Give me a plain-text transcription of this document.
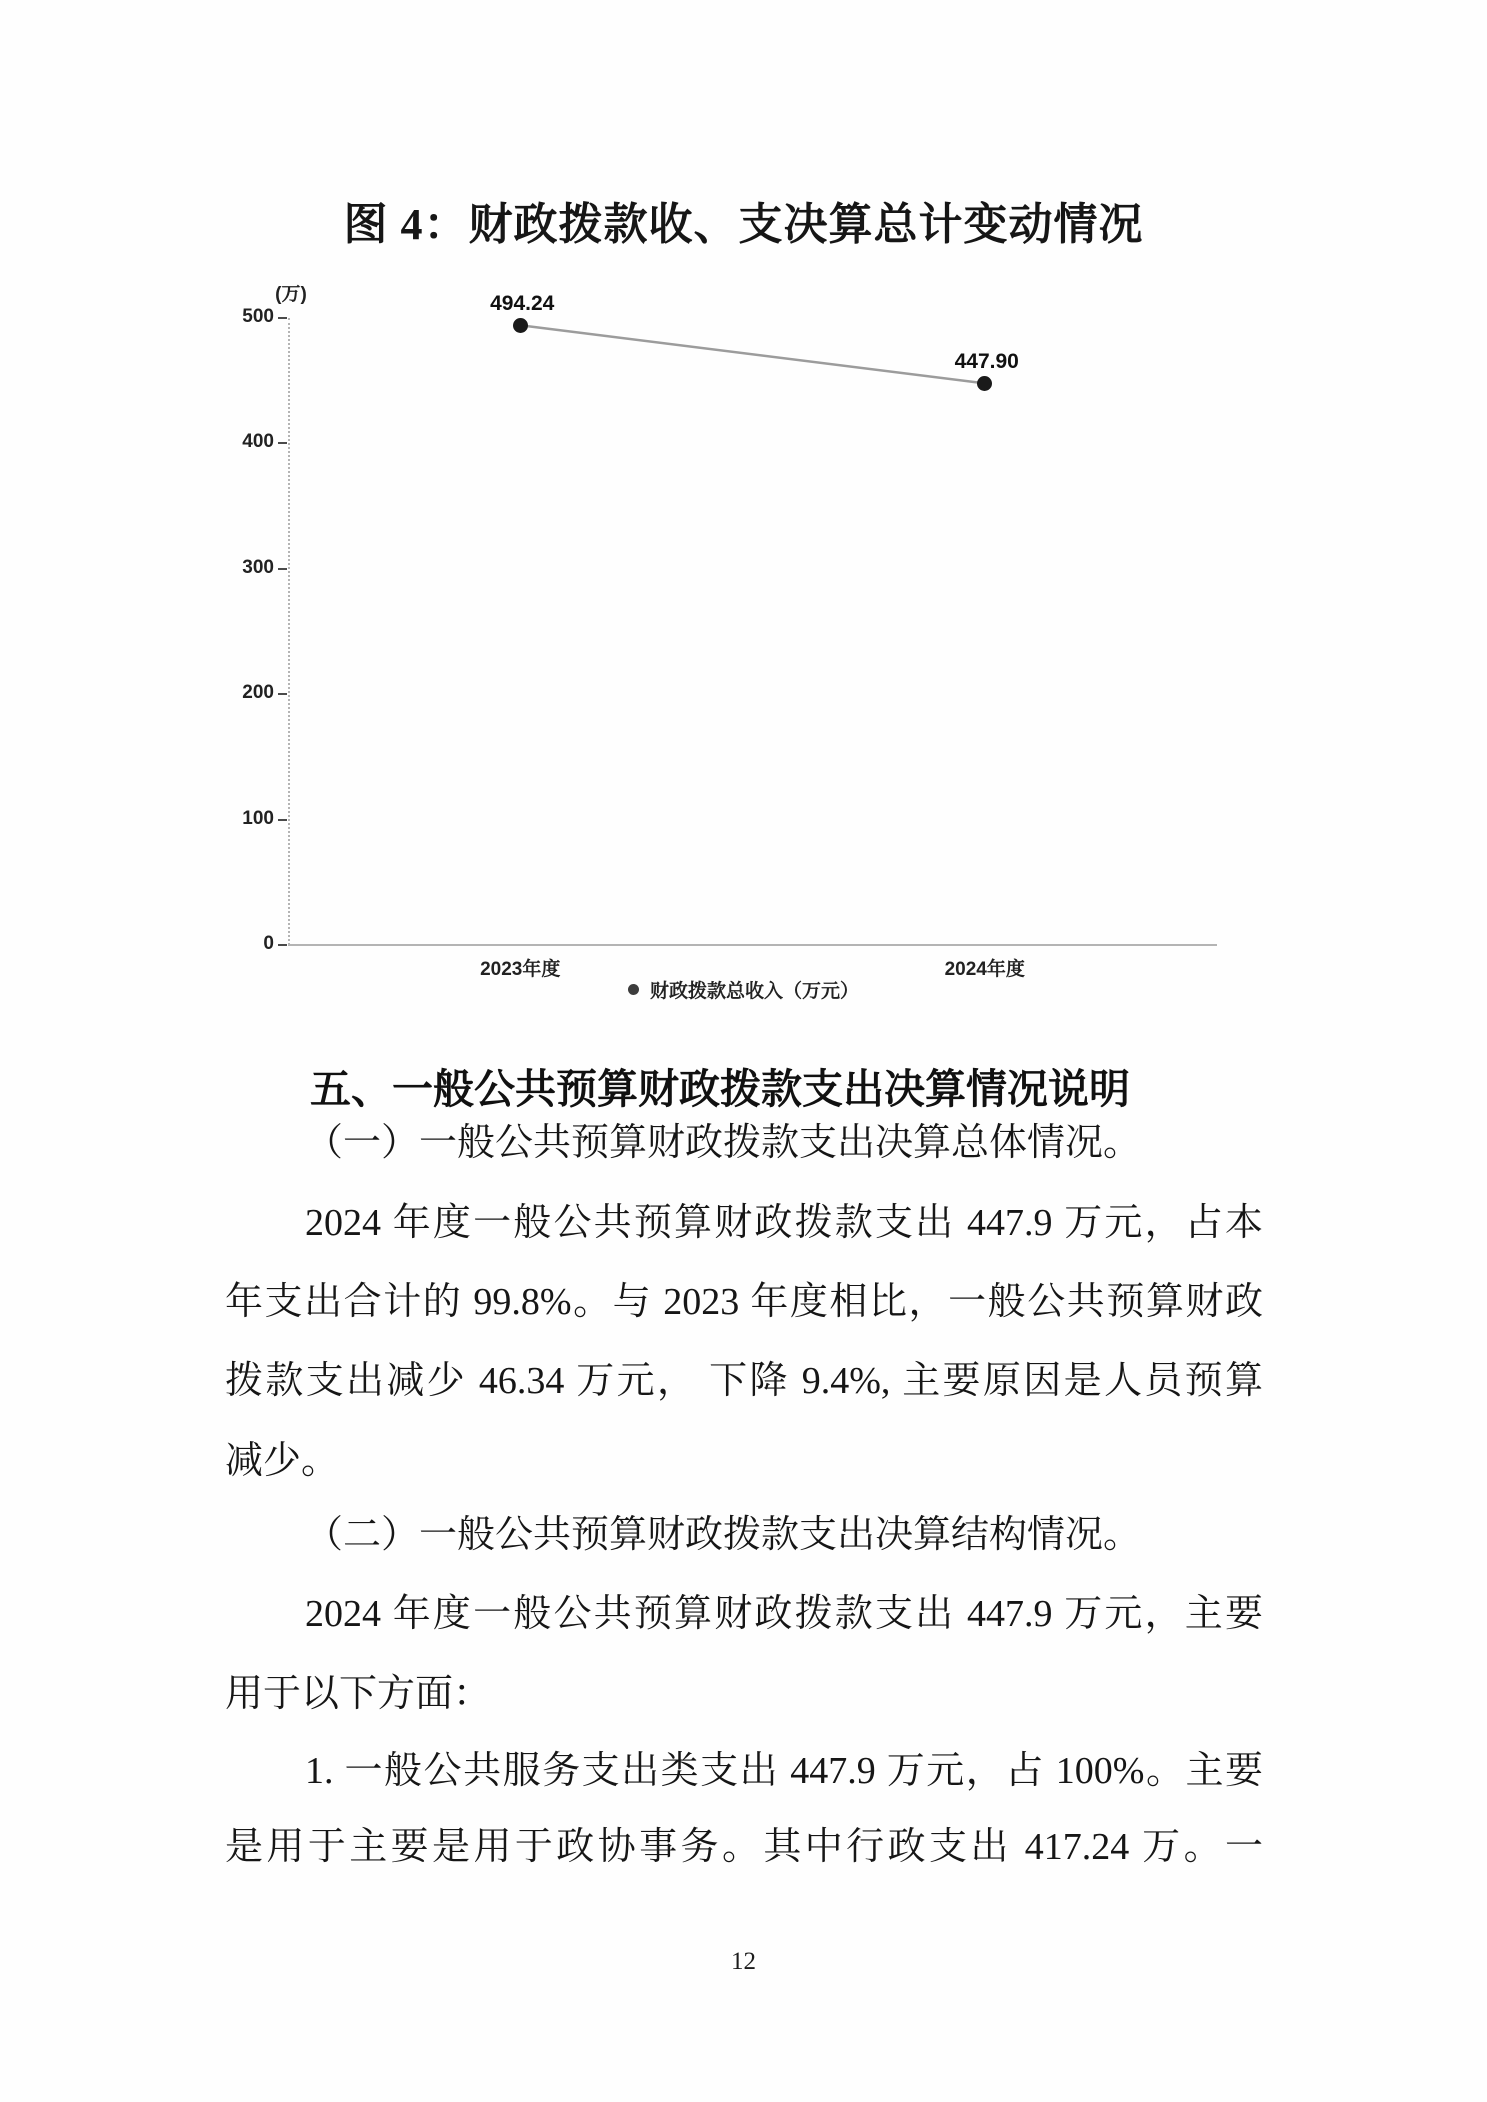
图 4：财政拨款收、支决算总计变动情况
(万)
0
100
200
300
400
500
2023年度	2024年度
494.24
447.90
财政拨款总收入（万元）
五、一般公共预算财政拨款支出决算情况说明
（一）一般公共预算财政拨款支出决算总体情况。
2024 年度一般公共预算财政拨款支出 447.9 万元，占本
年支出合计的 99.8%。与 2023 年度相比，一般公共预算财政
拨款支出减少 46.34 万元， 下降 9.4%, 主要原因是人员预算
减少。
（二）一般公共预算财政拨款支出决算结构情况。
2024 年度一般公共预算财政拨款支出 447.9 万元，主要
用于以下方面：
1. 一般公共服务支出类支出 447.9 万元，占 100%。主要
是用于主要是用于政协事务。其中行政支出 417.24 万。一
12
